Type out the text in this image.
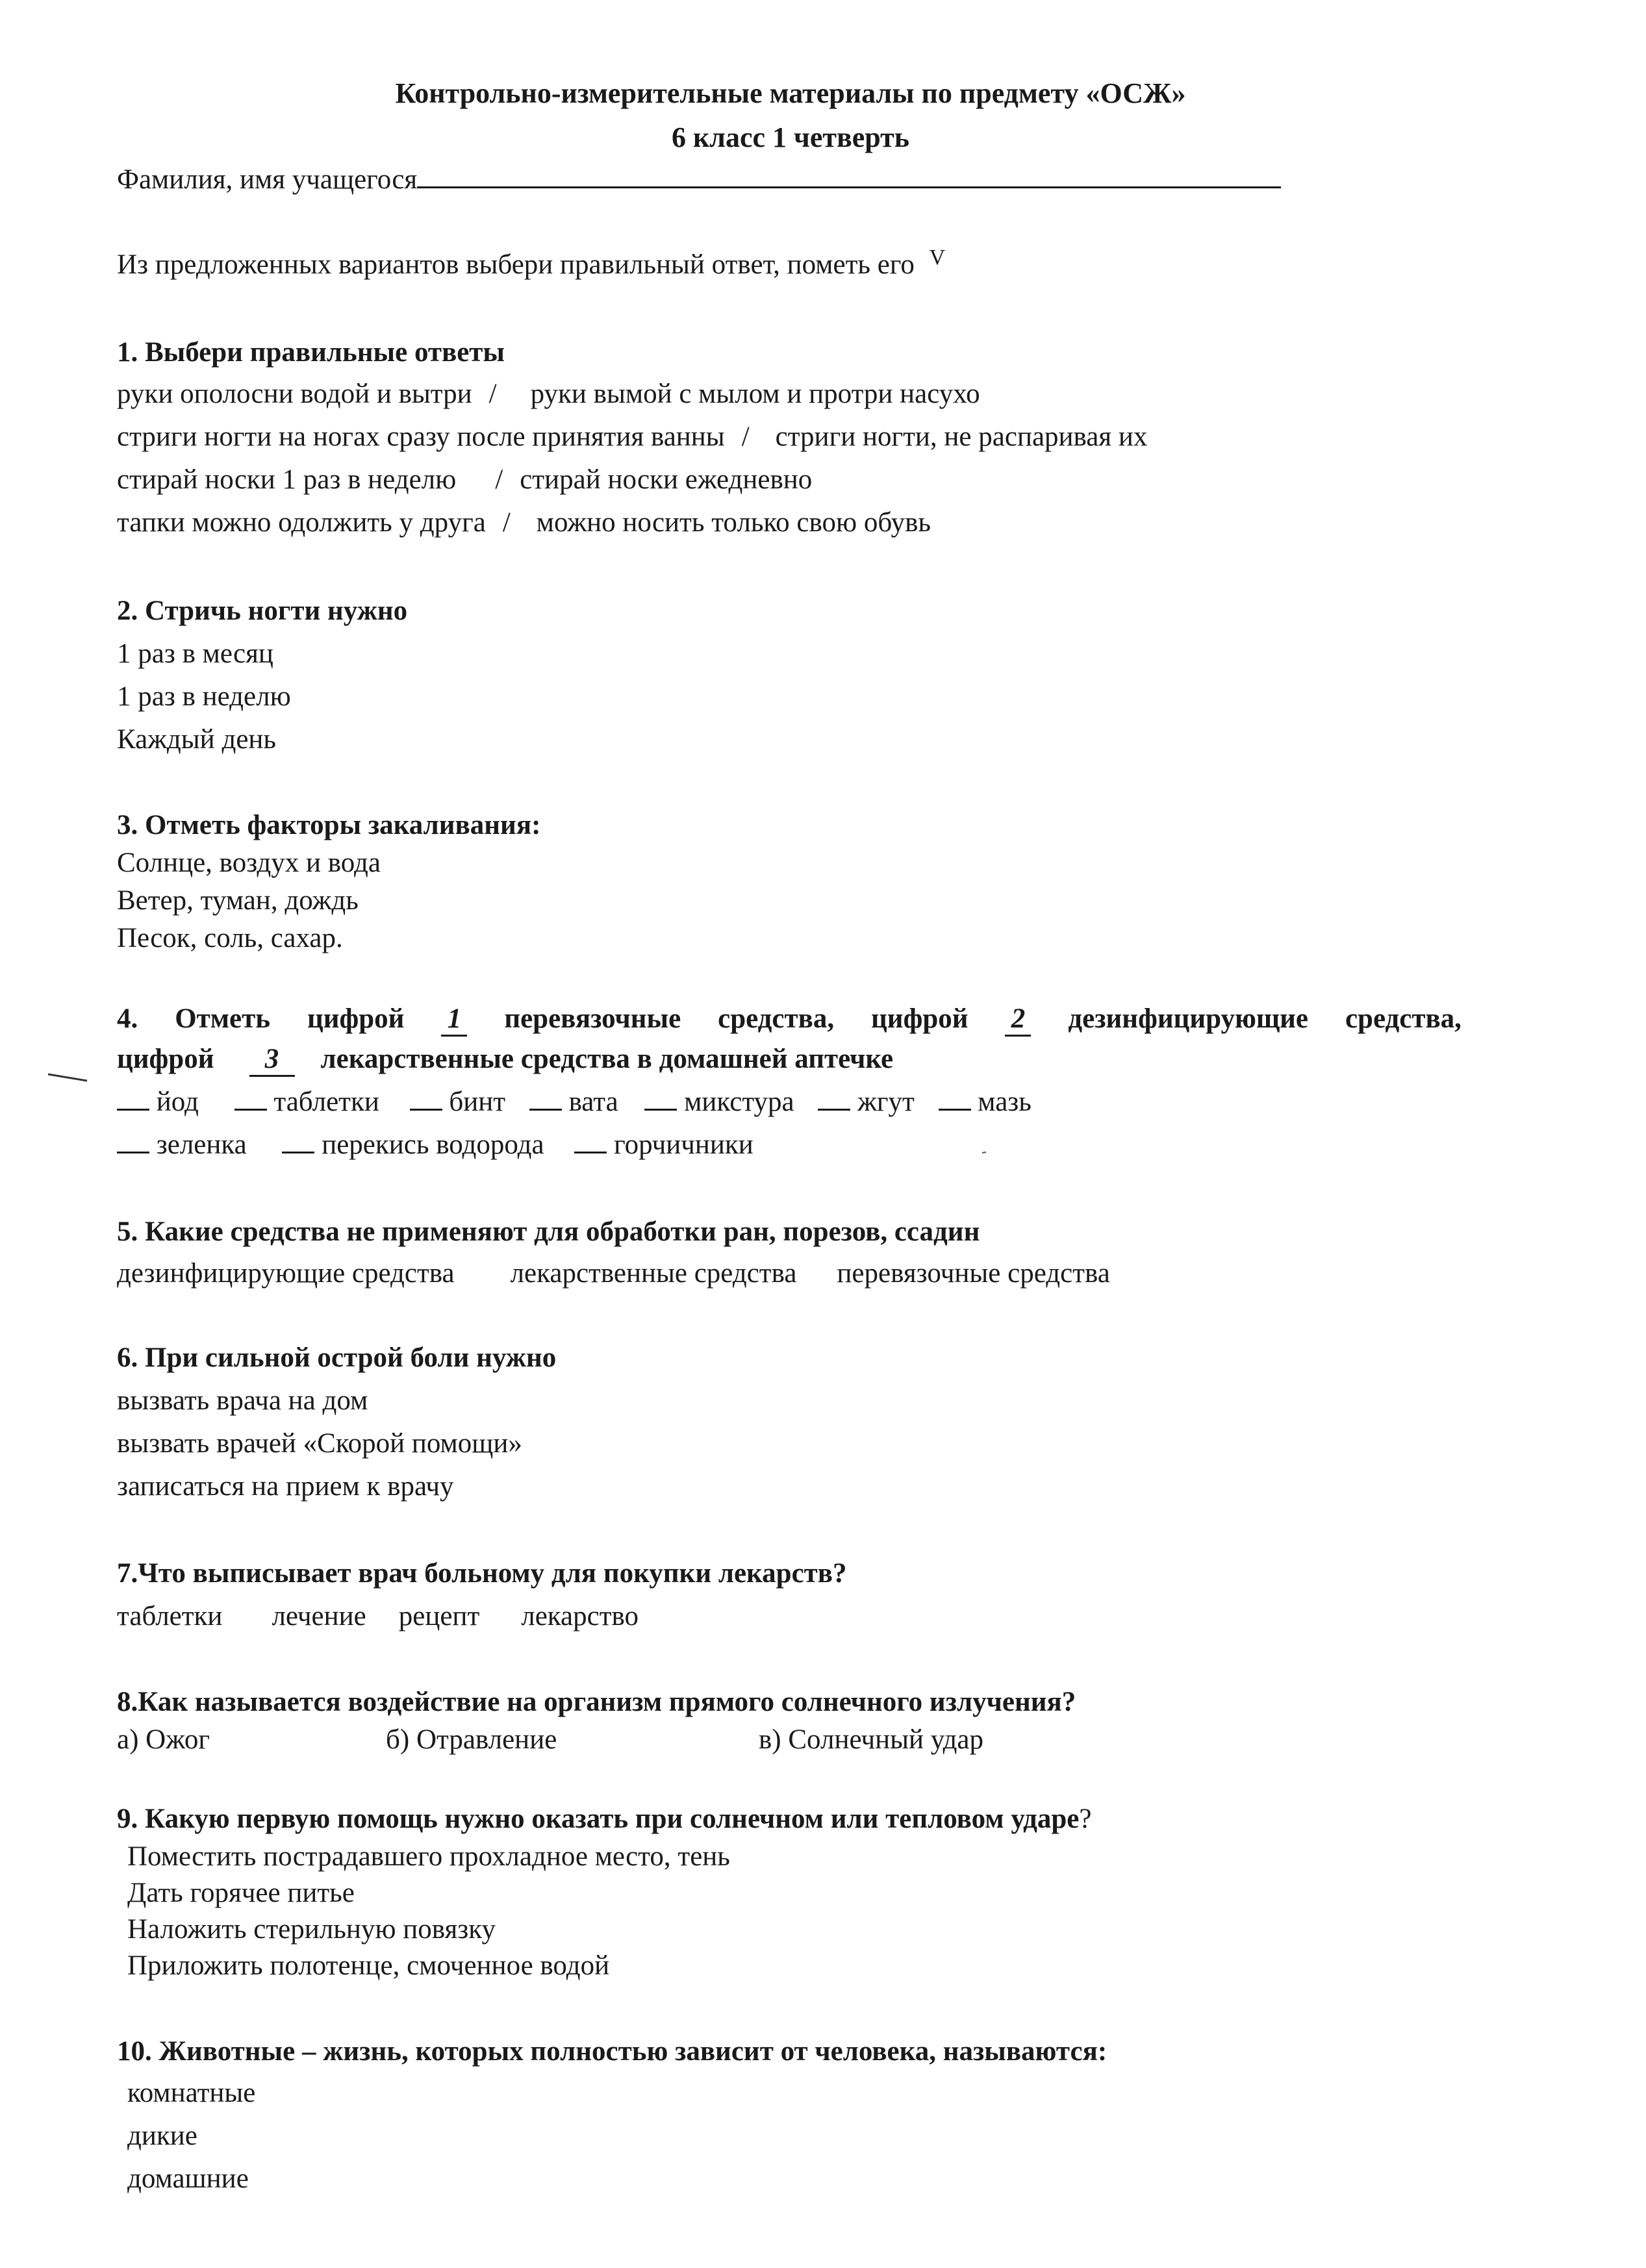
Контрольно-измерительные материалы по предмету «ОСЖ»
6 класс 1 четверть
Фамилия, имя учащегося
Из предложенных вариантов выбери правильный ответ, пометь его $^V$
1. Выбери правильные ответы
руки ополосни водой и вытри / руки вымой с мылом и протри насухо
стриги ногти на ногах сразу после принятия ванны / стриги ногти, не распаривая их
стирай носки 1 раз в неделю / стирай носки ежедневно
тапки можно одолжить у друга / можно носить только свою обувь
2. Стричь ногти нужно
1 раз в месяц
1 раз в неделю
Каждый день
3. Отметь факторы закаливания:
Солнце, воздух и вода
Ветер, туман, дождь
Песок, соль, сахар.
4. Отметь цифрой 1 перевязочные средства, цифрой 2 дезинфицирующие средства,
цифрой 3 лекарственные средства в домашней аптечке
йод	таблетки	бинт вата микстура жгут мазь
зеленка	перекись водорода	горчичники
5. Какие средства не применяют для обработки ран, порезов, ссадин
дезинфицирующие средства лекарственные средства перевязочные средства
6. При сильной острой боли нужно
вызвать врача на дом
вызвать врачей «Скорой помощи»
записаться на прием к врачу
7.Что выписывает врач больному для покупки лекарств?
таблетки лечение рецепт лекарство
8.Как называется воздействие на организм прямого солнечного излучения?
а) Ожог	б) Отравление	в) Солнечный удар
9. Какую первую помощь нужно оказать при солнечном или тепловом ударе?
Поместить пострадавшего прохладное место, тень
Дать горячее питье
Наложить стерильную повязку
Приложить полотенце, смоченное водой
10. Животные – жизнь, которых полностью зависит от человека, называются:
комнатные
дикие
домашние
